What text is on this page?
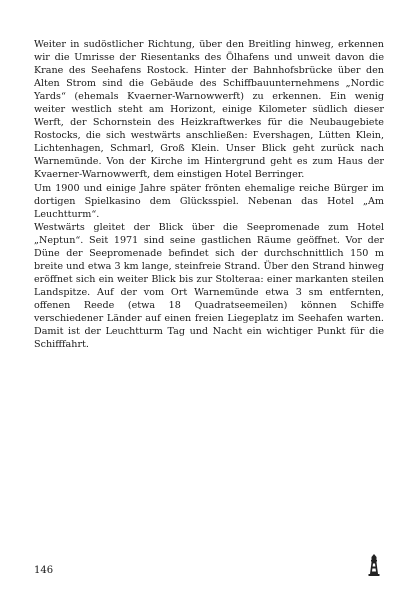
Weiter in sudöstlicher Richtung, über den Breitling hinweg, erkennen wir die Umrisse der Riesentanks des Ölhafens und unweit davon die Krane des Seehafens Rostock. Hinter der Bahnhofsbrücke über den Alten Strom sind die Gebäude des Schiffbauunternehmens „Nordic Yards“ (ehemals Kvaerner-Warnowwerft) zu erkennen. Ein wenig weiter westlich steht am Horizont, einige Kilometer südlich dieser Werft, der Schornstein des Heizkraftwerkes für die Neubaugebiete Rostocks, die sich westwärts anschließen: Evershagen, Lütten Klein, Lichtenhagen, Schmarl, Groß Klein. Unser Blick geht zurück nach Warnemünde. Von der Kirche im Hintergrund geht es zum Haus der Kvaerner-Warnowwerft, dem einstigen Hotel Berringer.

Um 1900 und einige Jahre später frönten ehemalige reiche Bürger im dortigen Spielkasino dem Glücksspiel. Nebenan das Hotel „Am Leuchtturm“.

Westwärts gleitet der Blick über die Seepromenade zum Hotel „Neptun“. Seit 1971 sind seine gastlichen Räume geöffnet. Vor der Düne der Seepromenade befindet sich der durchschnittlich 150 m breite und etwa 3 km lange, steinfreie Strand. Über den Strand hinweg eröffnet sich ein weiter Blick bis zur Stolteraa: einer markanten steilen Landspitze. Auf der vom Ort Warnemünde etwa 3 sm entfernten, offenen Reede (etwa 18 Quadratseemeilen) können Schiffe verschiedener Länder auf einen freien Liegeplatz im Seehafen warten. Damit ist der Leuchtturm Tag und Nacht ein wichtiger Punkt für die Schifffahrt.

146
